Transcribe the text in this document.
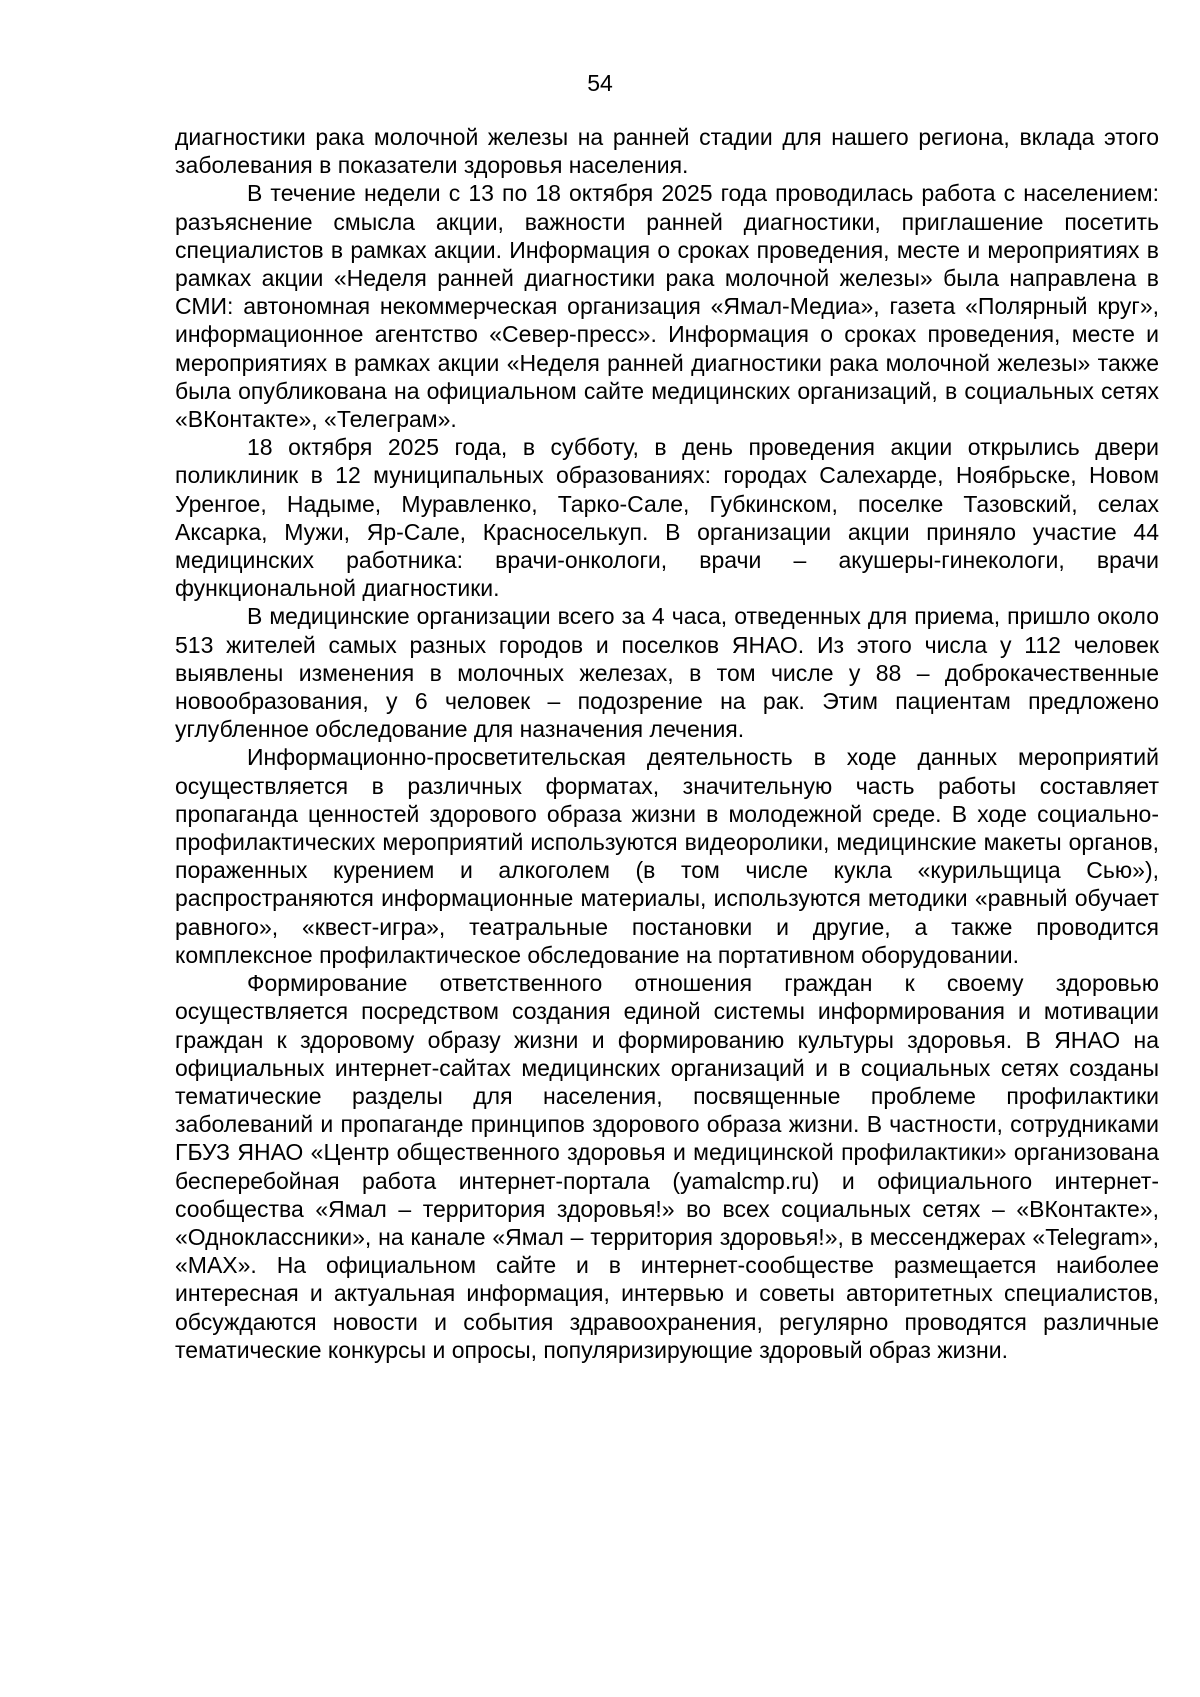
54

диагностики рака молочной железы на ранней стадии для нашего региона, вклада этого заболевания в показатели здоровья населения.

В течение недели с 13 по 18 октября 2025 года проводилась работа с населением: разъяснение смысла акции, важности ранней диагностики, приглашение посетить специалистов в рамках акции. Информация о сроках проведения, месте и мероприятиях в рамках акции «Неделя ранней диагностики рака молочной железы» была направлена в СМИ: автономная некоммерческая организация «Ямал-Медиа», газета «Полярный круг», информационное агентство «Север-пресс». Информация о сроках проведения, месте и мероприятиях в рамках акции «Неделя ранней диагностики рака молочной железы» также была опубликована на официальном сайте медицинских организаций, в социальных сетях «ВКонтакте», «Телеграм».

18 октября 2025 года, в субботу, в день проведения акции открылись двери поликлиник в 12 муниципальных образованиях: городах Салехарде, Ноябрьске, Новом Уренгое, Надыме, Муравленко, Тарко-Сале, Губкинском, поселке Тазовский, селах Аксарка, Мужи, Яр-Сале, Красноселькуп. В организации акции приняло участие 44 медицинских работника: врачи-онкологи, врачи – акушеры-гинекологи, врачи функциональной диагностики.

В медицинские организации всего за 4 часа, отведенных для приема, пришло около 513 жителей самых разных городов и поселков ЯНАО. Из этого числа у 112 человек выявлены изменения в молочных железах, в том числе у 88 – доброкачественные новообразования, у 6 человек – подозрение на рак. Этим пациентам предложено углубленное обследование для назначения лечения.

Информационно-просветительская деятельность в ходе данных мероприятий осуществляется в различных форматах, значительную часть работы составляет пропаганда ценностей здорового образа жизни в молодежной среде. В ходе социально-профилактических мероприятий используются видеоролики, медицинские макеты органов, пораженных курением и алкоголем (в том числе кукла «курильщица Сью»), распространяются информационные материалы, используются методики «равный обучает равного», «квест-игра», театральные постановки и другие, а также проводится комплексное профилактическое обследование на портативном оборудовании.

Формирование ответственного отношения граждан к своему здоровью осуществляется посредством создания единой системы информирования и мотивации граждан к здоровому образу жизни и формированию культуры здоровья. В ЯНАО на официальных интернет-сайтах медицинских организаций и в социальных сетях созданы тематические разделы для населения, посвященные проблеме профилактики заболеваний и пропаганде принципов здорового образа жизни. В частности, сотрудниками ГБУЗ ЯНАО «Центр общественного здоровья и медицинской профилактики» организована бесперебойная работа интернет-портала (yamalcmp.ru) и официального интернет-сообщества «Ямал – территория здоровья!» во всех социальных сетях – «ВКонтакте», «Одноклассники», на канале «Ямал – территория здоровья!», в мессенджерах «Telegram», «МАХ». На официальном сайте и в интернет-сообществе размещается наиболее интересная и актуальная информация, интервью и советы авторитетных специалистов, обсуждаются новости и события здравоохранения, регулярно проводятся различные тематические конкурсы и опросы, популяризирующие здоровый образ жизни.
